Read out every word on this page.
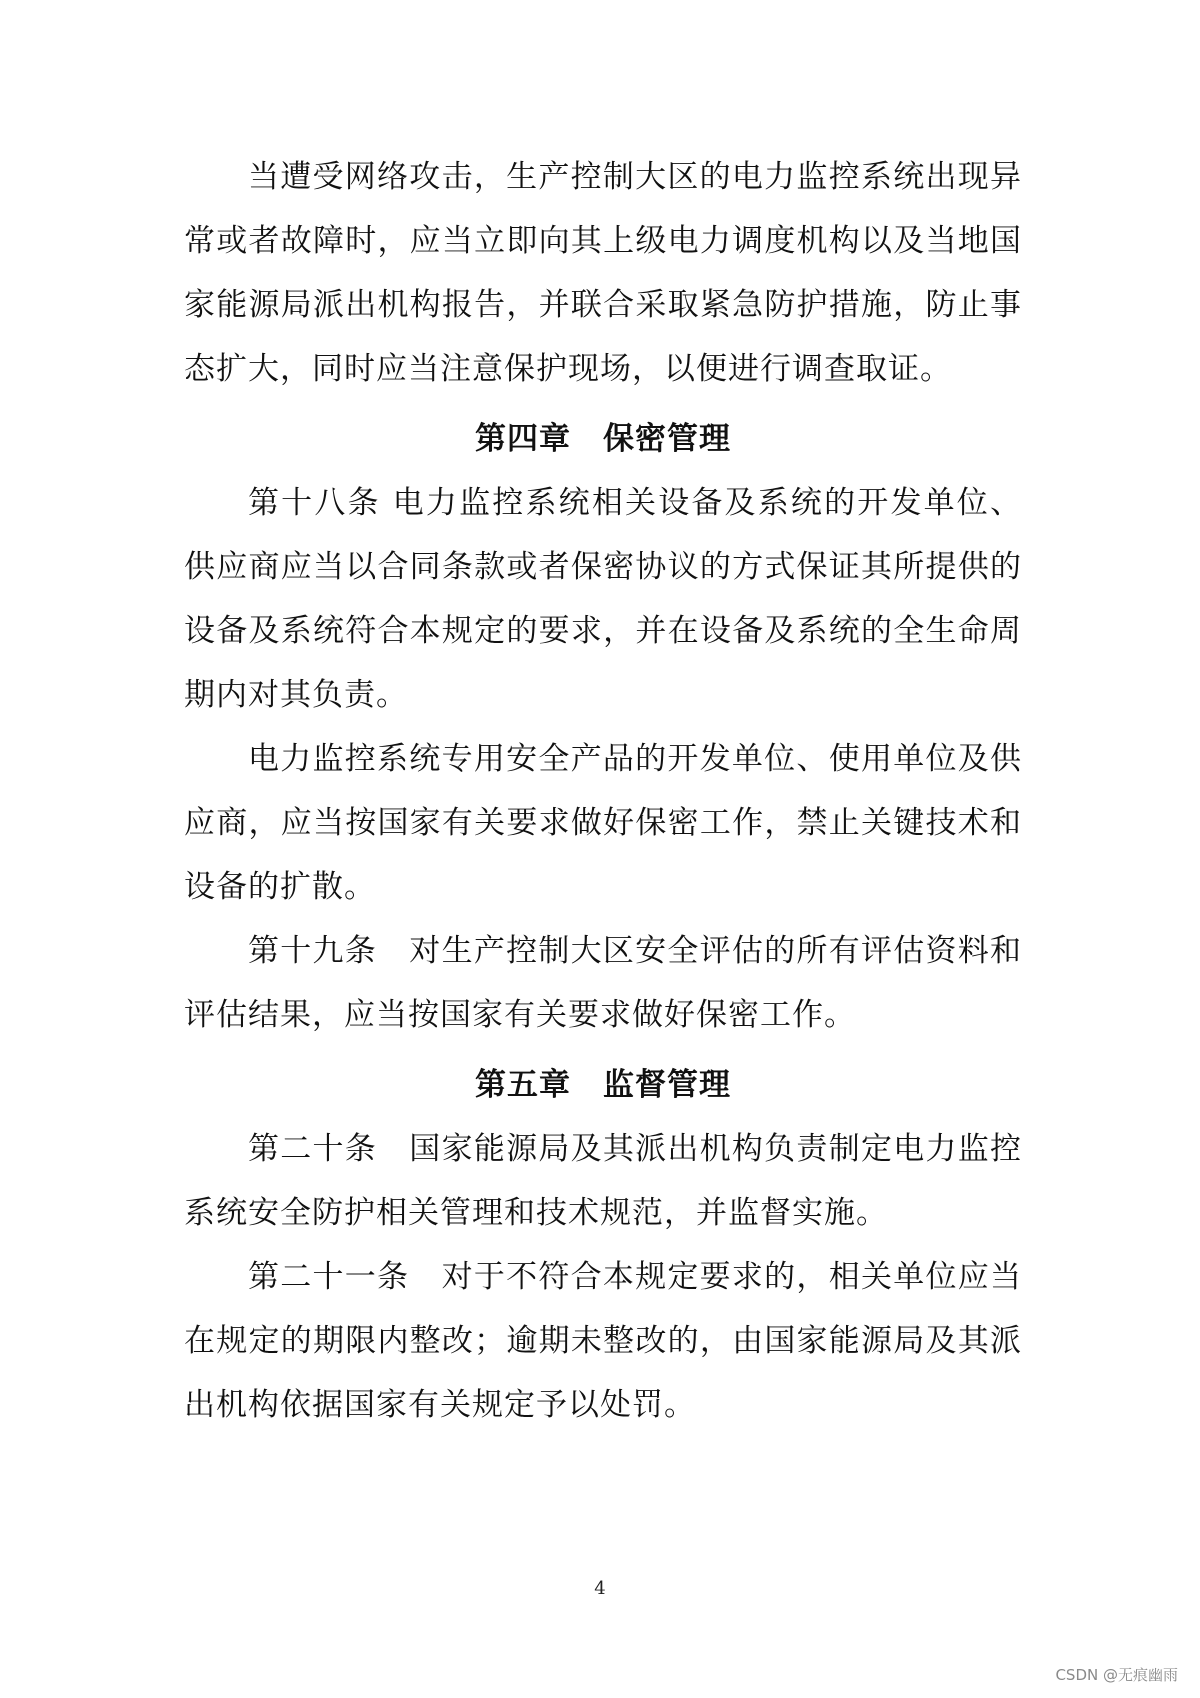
当遭受网络攻击，生产控制大区的电力监控系统出现异常或者故障时，应当立即向其上级电力调度机构以及当地国家能源局派出机构报告，并联合采取紧急防护措施，防止事态扩大，同时应当注意保护现场，以便进行调查取证。

第四章　保密管理

第十八条 电力监控系统相关设备及系统的开发单位、供应商应当以合同条款或者保密协议的方式保证其所提供的设备及系统符合本规定的要求，并在设备及系统的全生命周期内对其负责。

电力监控系统专用安全产品的开发单位、使用单位及供应商，应当按国家有关要求做好保密工作，禁止关键技术和设备的扩散。

第十九条　对生产控制大区安全评估的所有评估资料和评估结果，应当按国家有关要求做好保密工作。

第五章　监督管理

第二十条　国家能源局及其派出机构负责制定电力监控系统安全防护相关管理和技术规范，并监督实施。

第二十一条　对于不符合本规定要求的，相关单位应当在规定的期限内整改；逾期未整改的，由国家能源局及其派出机构依据国家有关规定予以处罚。

4
CSDN @无痕幽雨
